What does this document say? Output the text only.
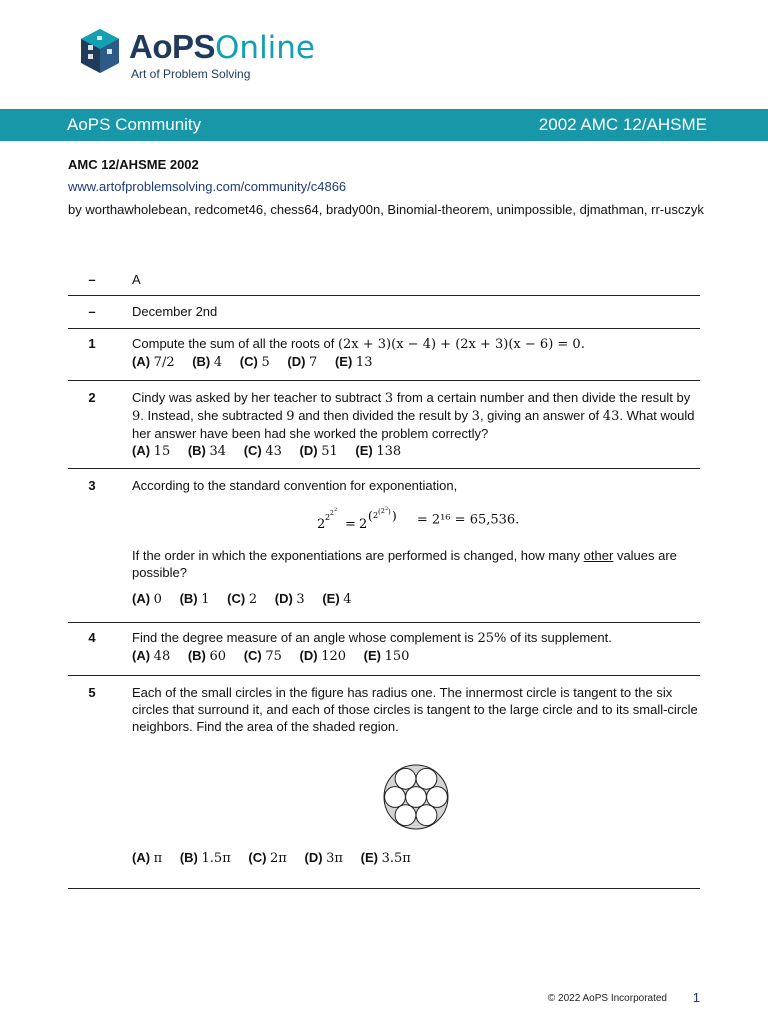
AoPSOnline
Art of Problem Solving
AoPS Community	2002 AMC 12/AHSME
AMC 12/AHSME 2002
www.artofproblemsolving.com/community/c4866
by worthawholebean, redcomet46, chess64, brady00n, Binomial-theorem, unimpossible, djmathman, rr-usczyk
–	A
–	December 2nd
1	Compute the sum of all the roots of (2x + 3)(x − 4) + (2x + 3)(x − 6) = 0.
(A) 7/2 (B) 4 (C) 5 (D) 7 (E) 13
2	Cindy was asked by her teacher to subtract 3 from a certain number and then divide the result by 9. Instead, she subtracted 9 and then divided the result by 3, giving an answer of 43. What would her answer have been had she worked the problem correctly?
(A) 15 (B) 34 (C) 43 (D) 51 (E) 138
3	According to the standard convention for exponentiation,
2 2 2 2
= 2
( 2 ( 2 2 ) ) = 2¹⁶ = 65,536.
If the order in which the exponentiations are performed is changed, how many other values are possible?
(A) 0 (B) 1 (C) 2 (D) 3 (E) 4
4	Find the degree measure of an angle whose complement is 25% of its supplement.
(A) 48 (B) 60 (C) 75 (D) 120 (E) 150
5	Each of the small circles in the figure has radius one. The innermost circle is tangent to the six circles that surround it, and each of those circles is tangent to the large circle and to its small-circle neighbors. Find the area of the shaded region.
(A) π (B) 1.5π (C) 2π (D) 3π (E) 3.5π
© 2022 AoPS Incorporated 1
